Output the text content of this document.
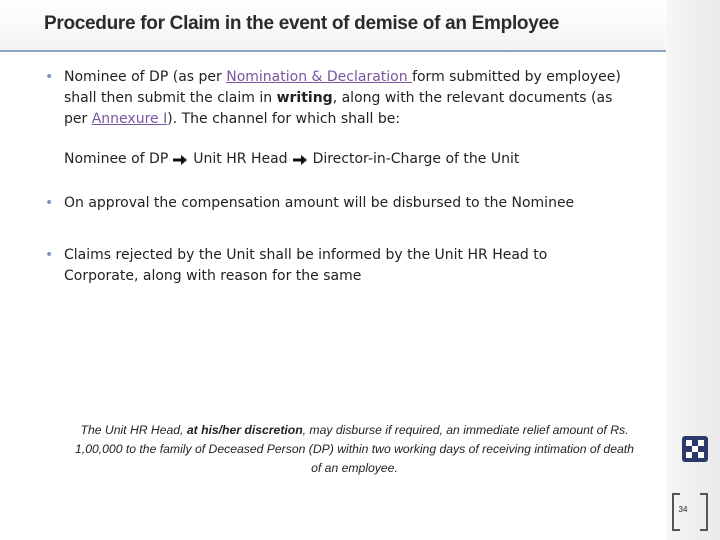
Procedure for Claim in the event of demise of an Employee
• Nominee of DP (as per Nomination & Declaration form submitted by employee) shall then submit the claim in writing, along with the relevant documents (as per Annexure I). The channel for which shall be:
Nominee of DP Unit HR Head Director-in-Charge of the Unit
• On approval the compensation amount will be disbursed to the Nominee
• Claims rejected by the Unit shall be informed by the Unit HR Head to Corporate, along with reason for the same
The Unit HR Head, at his/her discretion, may disburse if required, an immediate relief amount of Rs. 1,00,000 to the family of Deceased Person (DP) within two working days of receiving intimation of death of an employee.
34
